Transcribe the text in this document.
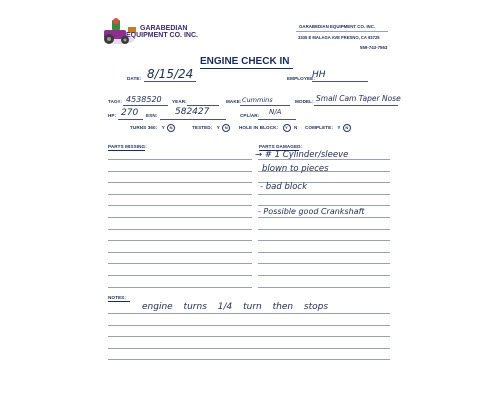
GARABEDIAN
EQUIPMENT CO. INC.
GARABEDIAN EQUIPMENT CO. INC.
3335 E MALAGA AVE FRESNO, CA 93725
559-743-7563
ENGINE CHECK IN
DATE: 8/15/24	EMPLOYEE:
HH
TAG#: 4538520 YEAR:	MAKE: Cummins	MODEL: Small Cam Taper Nose
HP: 270 ESN: 582427	CPL/AR: N/A
TURNS 360: Y N	TESTED: Y N	HOLE IN BLOCK: Y N COMPLETE: Y N
PARTS MISSING:	PARTS DAMAGED:
→ # 1 Cylinder/sleeve
blown to pieces
- bad block
- Possible good Crankshaft
NOTES:
engine turns 1/4 turn then stops
